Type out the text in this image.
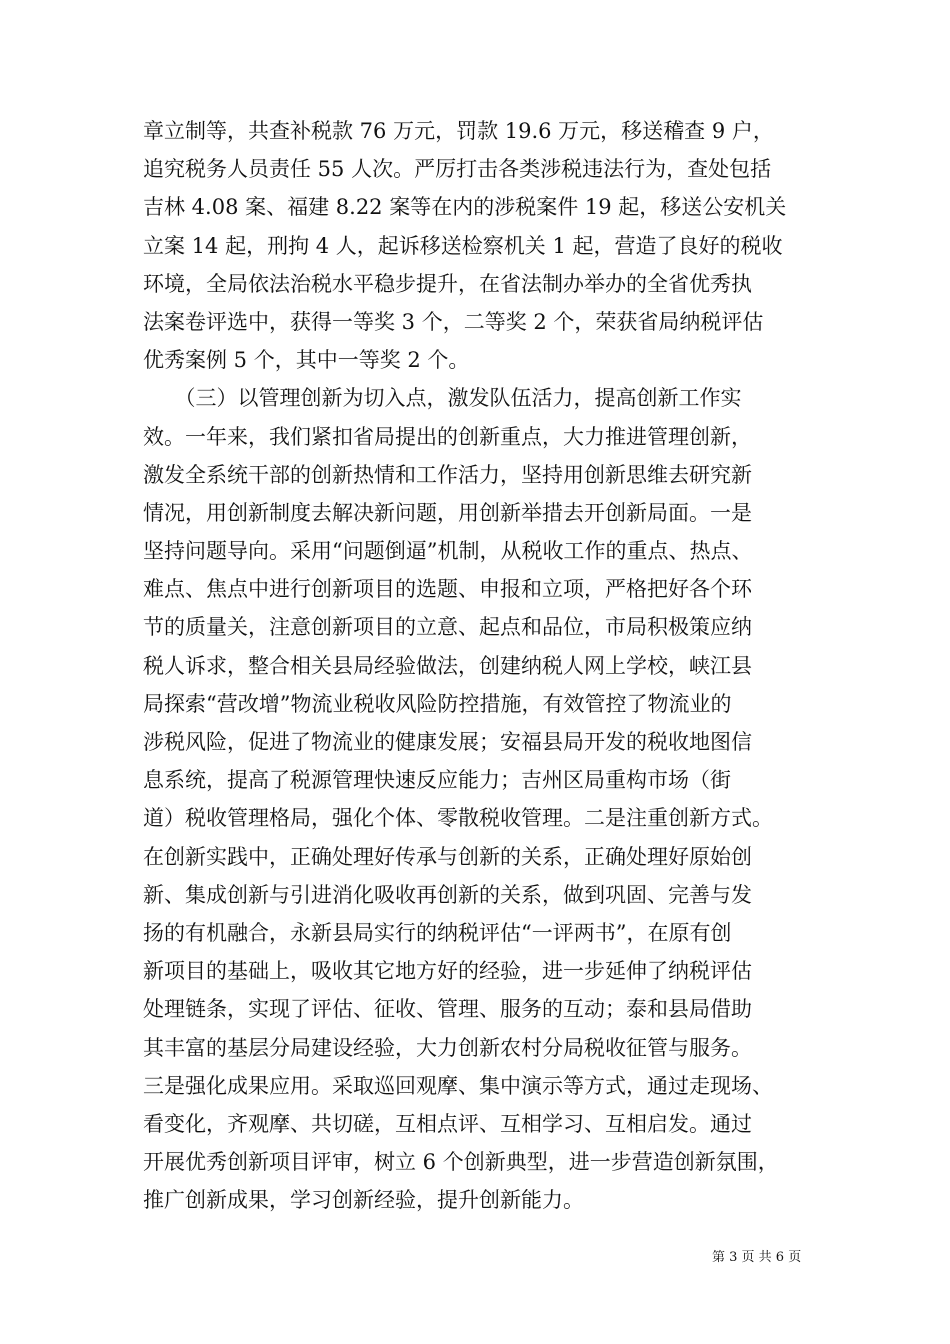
章立制等，共查补税款 76 万元，罚款 19.6 万元，移送稽查 9 户，
追究税务人员责任 55 人次。严厉打击各类涉税违法行为，查处包括
吉林 4.08 案、福建 8.22 案等在内的涉税案件 19 起，移送公安机关
立案 14 起，刑拘 4 人，起诉移送检察机关 1 起，营造了良好的税收
环境，全局依法治税水平稳步提升，在省法制办举办的全省优秀执
法案卷评选中，获得一等奖 3 个，二等奖 2 个，荣获省局纳税评估
优秀案例 5 个，其中一等奖 2 个。
　　（三）以管理创新为切入点，激发队伍活力，提高创新工作实
效。一年来，我们紧扣省局提出的创新重点，大力推进管理创新，
激发全系统干部的创新热情和工作活力，坚持用创新思维去研究新
情况，用创新制度去解决新问题，用创新举措去开创新局面。一是
坚持问题导向。采用“问题倒逼”机制，从税收工作的重点、热点、
难点、焦点中进行创新项目的选题、申报和立项，严格把好各个环
节的质量关，注意创新项目的立意、起点和品位，市局积极策应纳
税人诉求，整合相关县局经验做法，创建纳税人网上学校，峡江县
局探索“营改增”物流业税收风险防控措施，有效管控了物流业的
涉税风险，促进了物流业的健康发展；安福县局开发的税收地图信
息系统，提高了税源管理快速反应能力；吉州区局重构市场（街
道）税收管理格局，强化个体、零散税收管理。二是注重创新方式。
在创新实践中，正确处理好传承与创新的关系，正确处理好原始创
新、集成创新与引进消化吸收再创新的关系，做到巩固、完善与发
扬的有机融合，永新县局实行的纳税评估“一评两书”，在原有创
新项目的基础上，吸收其它地方好的经验，进一步延伸了纳税评估
处理链条，实现了评估、征收、管理、服务的互动；泰和县局借助
其丰富的基层分局建设经验，大力创新农村分局税收征管与服务。
三是强化成果应用。采取巡回观摩、集中演示等方式，通过走现场、
看变化，齐观摩、共切磋，互相点评、互相学习、互相启发。通过
开展优秀创新项目评审，树立 6 个创新典型，进一步营造创新氛围，
推广创新成果，学习创新经验，提升创新能力。
第 3 页 共 6 页
